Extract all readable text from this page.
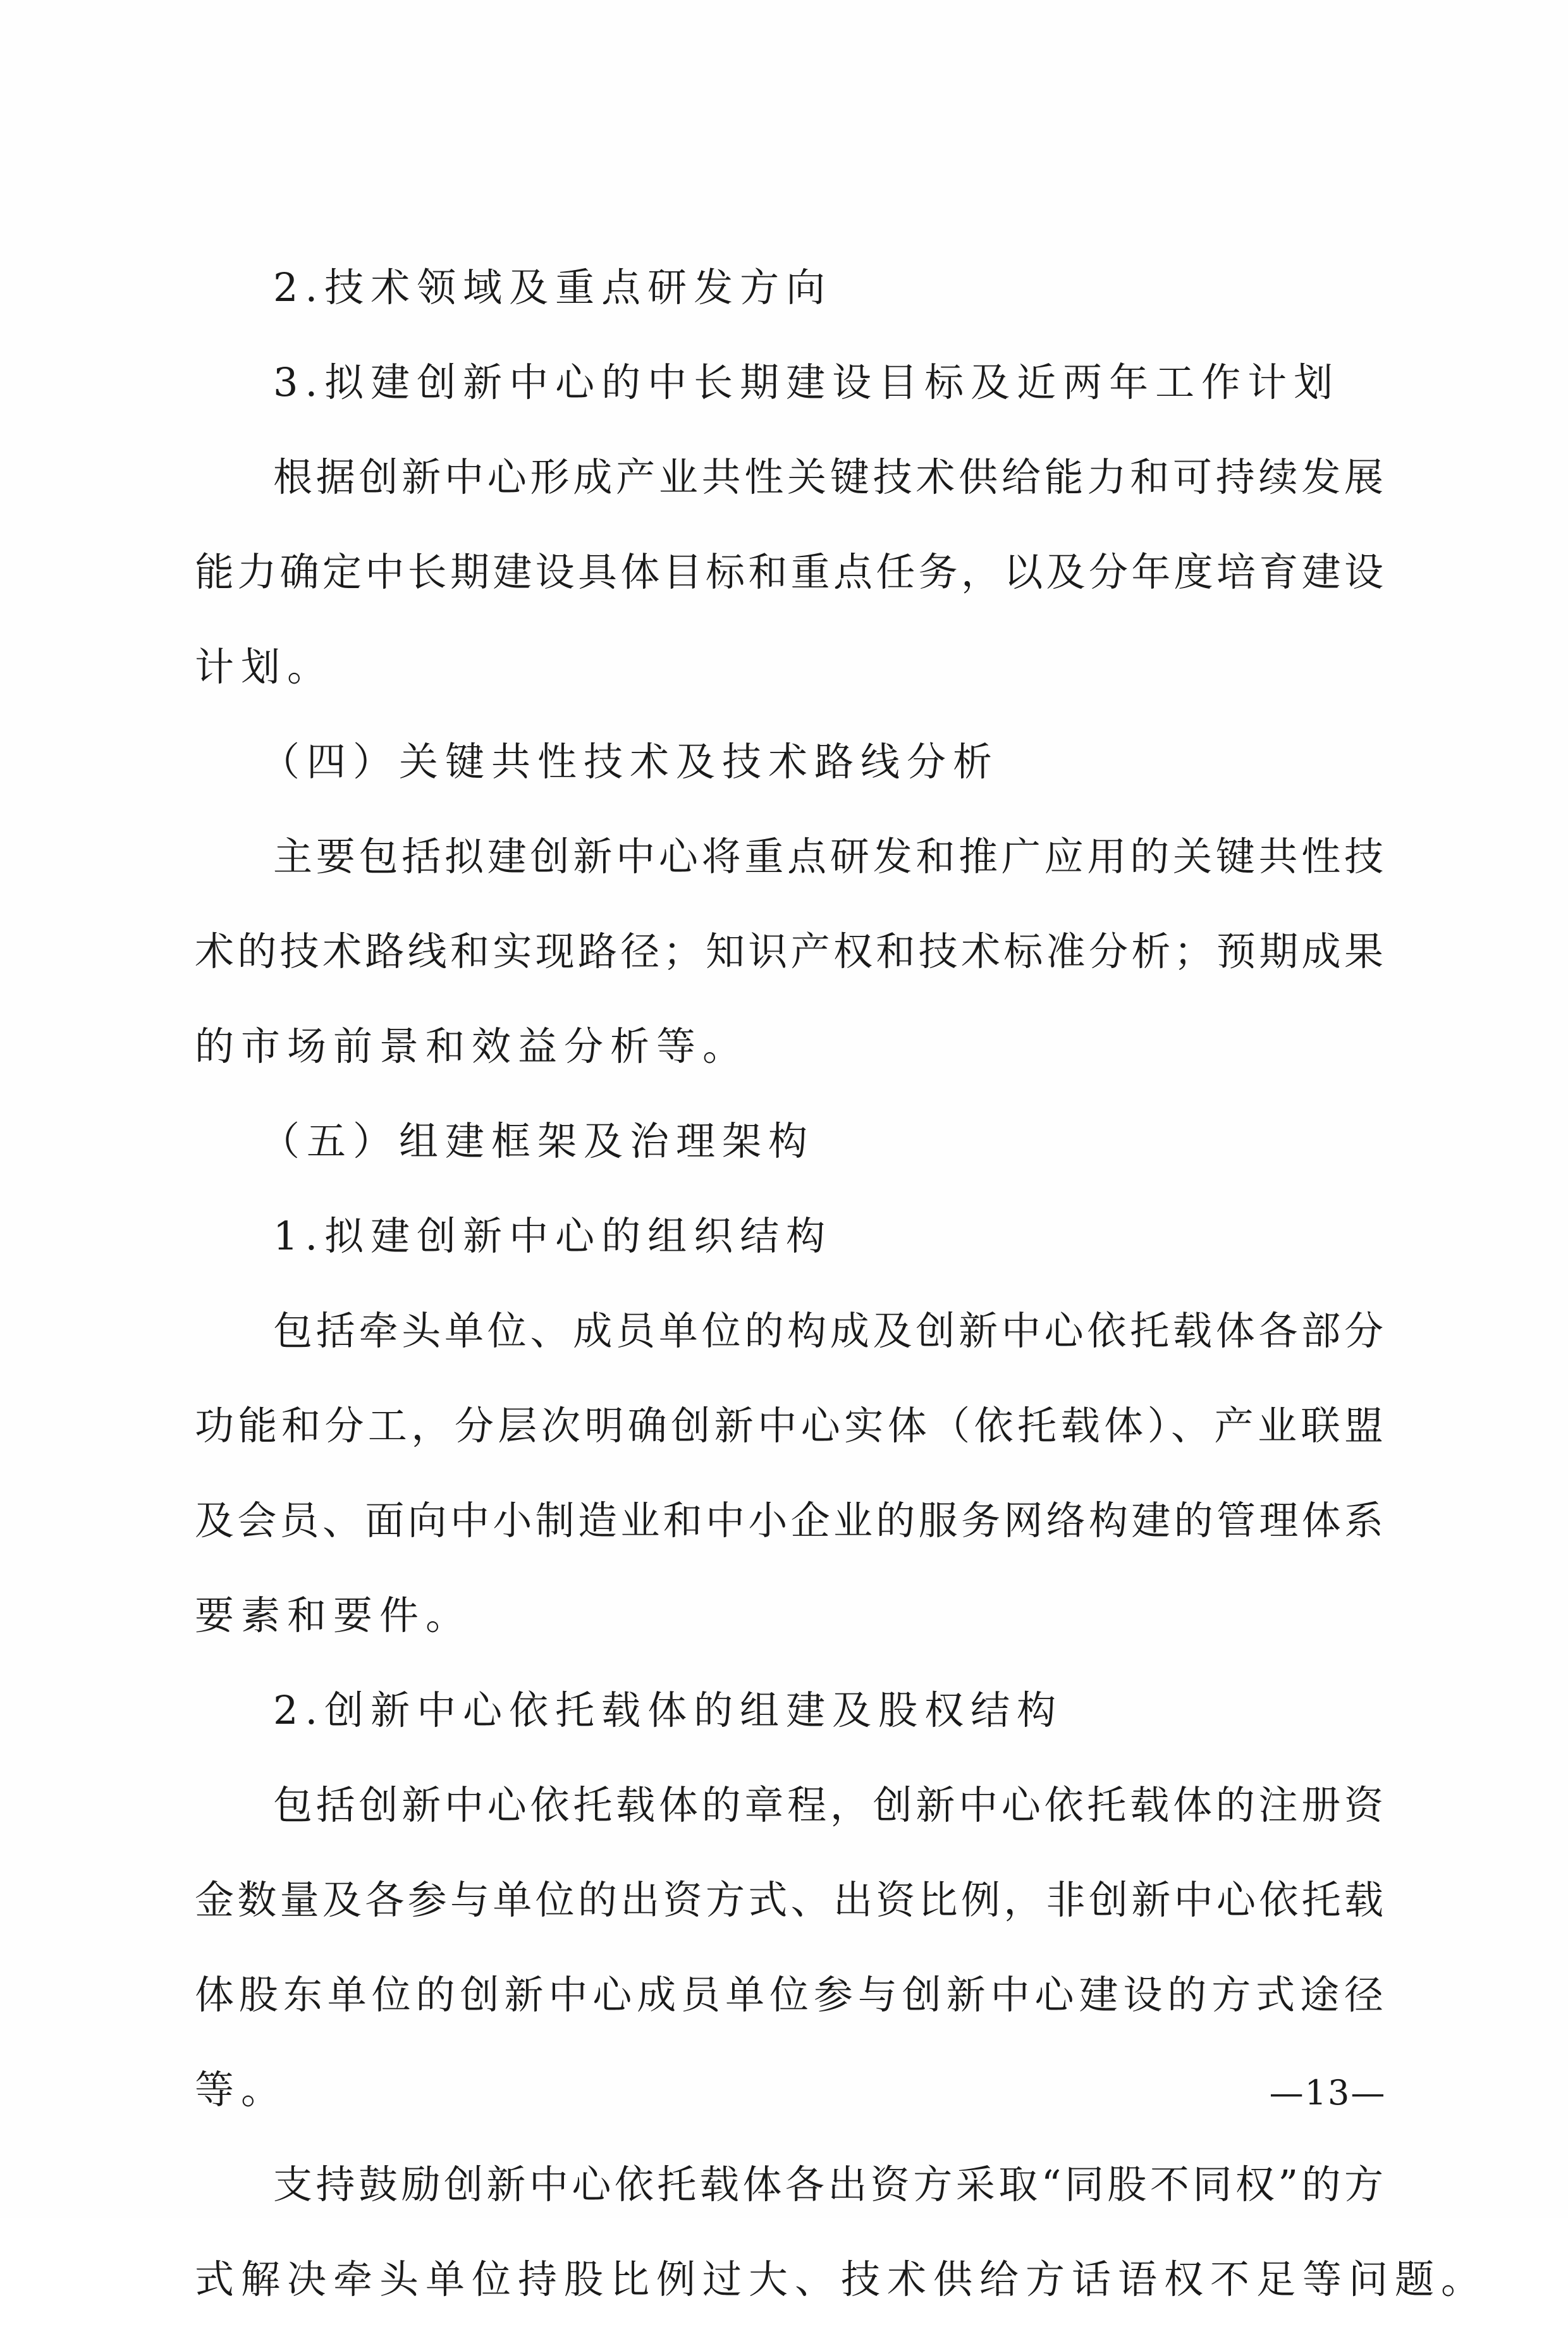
2.技术领域及重点研发方向
3.拟建创新中心的中长期建设目标及近两年工作计划
根据创新中心形成产业共性关键技术供给能力和可持续发展
能力确定中长期建设具体目标和重点任务，以及分年度培育建设
计划。
（四）关键共性技术及技术路线分析
主要包括拟建创新中心将重点研发和推广应用的关键共性技
术的技术路线和实现路径；知识产权和技术标准分析；预期成果
的市场前景和效益分析等。
（五）组建框架及治理架构
1.拟建创新中心的组织结构
包括牵头单位、成员单位的构成及创新中心依托载体各部分
功能和分工，分层次明确创新中心实体（依托载体）、产业联盟
及会员、面向中小制造业和中小企业的服务网络构建的管理体系
要素和要件。
2.创新中心依托载体的组建及股权结构
包括创新中心依托载体的章程，创新中心依托载体的注册资
金数量及各参与单位的出资方式、出资比例，非创新中心依托载
体股东单位的创新中心成员单位参与创新中心建设的方式途径
等。
支持鼓励创新中心依托载体各出资方采取“同股不同权”的方
式解决牵头单位持股比例过大、技术供给方话语权不足等问题。
—13—
